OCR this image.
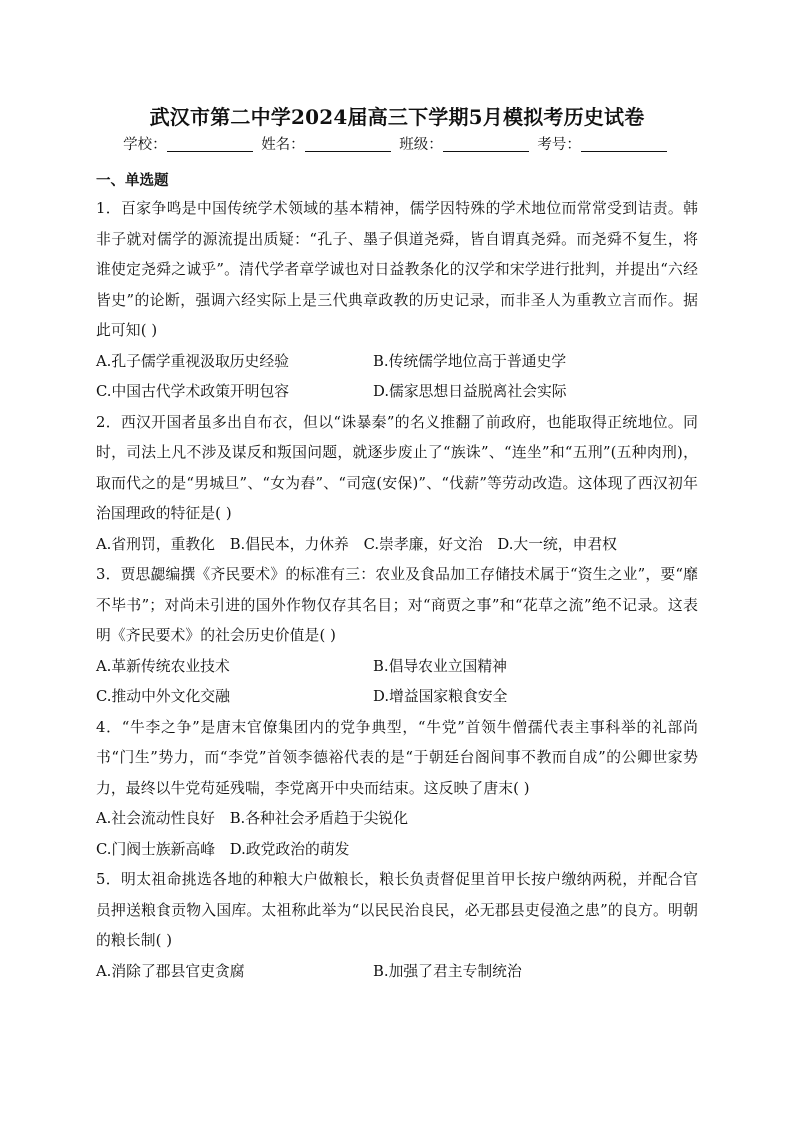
武汉市第二中学2024届高三下学期5月模拟考历史试卷
学校：	姓名：	班级：	考号：
一、单选题

1．百家争鸣是中国传统学术领域的基本精神，儒学因特殊的学术地位而常常受到诘责。韩非子就对儒学的源流提出质疑：“孔子、墨子俱道尧舜，皆自谓真尧舜。而尧舜不复生，将谁使定尧舜之诚乎”。清代学者章学诚也对日益教条化的汉学和宋学进行批判，并提出“六经皆史”的论断，强调六经实际上是三代典章政教的历史记录，而非圣人为重教立言而作。据此可知( )

A.孔子儒学重视汲取历史经验	B.传统儒学地位高于普通史学
C.中国古代学术政策开明包容	D.儒家思想日益脱离社会实际

2．西汉开国者虽多出自布衣，但以“诛暴秦”的名义推翻了前政府，也能取得正统地位。同时，司法上凡不涉及谋反和叛国问题，就逐步废止了“族诛”、“连坐”和“五刑”(五种肉刑)，取而代之的是“男城旦”、“女为舂”、“司寇(安保)”、“伐薪”等劳动改造。这体现了西汉初年治国理政的特征是( )

A.省刑罚，重教化 B.倡民本，力休养 C.崇孝廉，好文治 D.大一统，申君权

3．贾思勰编撰《齐民要术》的标准有三：农业及食品加工存储技术属于“资生之业”，要“靡不毕书”；对尚未引进的国外作物仅存其名目；对“商贾之事”和“花草之流”绝不记录。这表明《齐民要术》的社会历史价值是( )

A.革新传统农业技术	B.倡导农业立国精神
C.推动中外文化交融	D.增益国家粮食安全

4．“牛李之争”是唐末官僚集团内的党争典型，“牛党”首领牛僧孺代表主事科举的礼部尚书“门生”势力，而“李党”首领李德裕代表的是“于朝廷台阁间事不教而自成”的公卿世家势力，最终以牛党苟延残喘，李党离开中央而结束。这反映了唐末( )

A.社会流动性良好 B.各种社会矛盾趋于尖锐化
C.门阀士族新高峰 D.政党政治的萌发

5．明太祖命挑选各地的种粮大户做粮长，粮长负责督促里首甲长按户缴纳两税，并配合官员押送粮食贡物入国库。太祖称此举为“以民民治良民，必无郡县吏侵渔之患”的良方。明朝的粮长制( )

A.消除了郡县官吏贪腐	B.加强了君主专制统治
